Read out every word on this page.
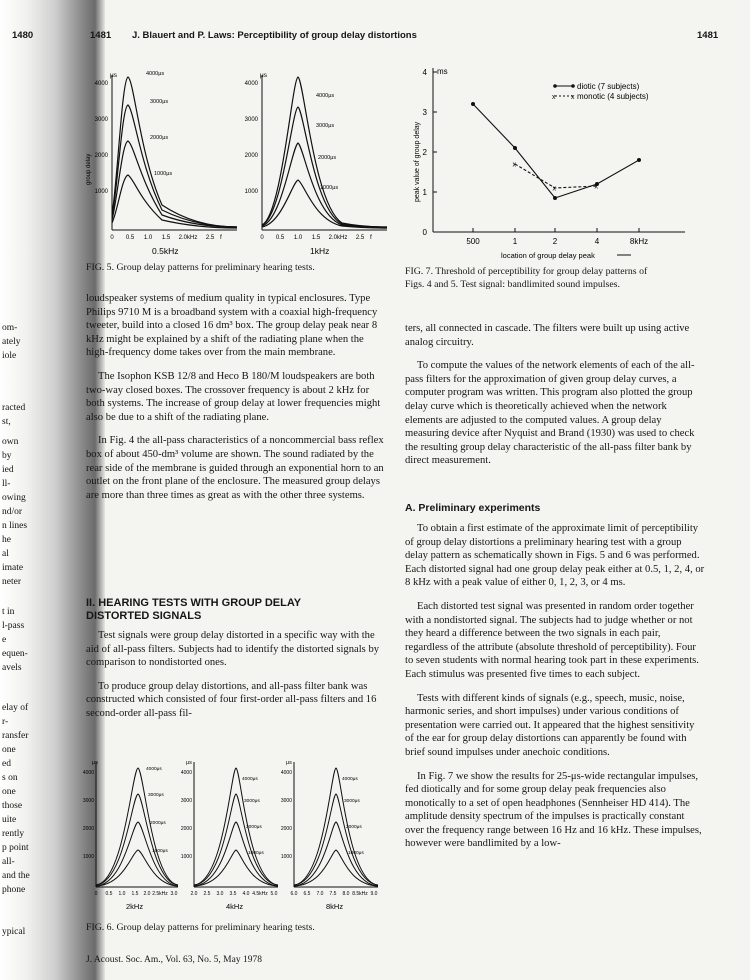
om-
ately
iole
racted
st,
own
by
ied
ll-
owing
nd/or
n lines
he
al
imate
neter
t in
l-pass
e
equen-
avels
elay of
r-
ransfer
one
ed
s on
one
those
uite
rently
p point
all-
and the
phone
ypical
1480	1481 J. Blauert and P. Laws: Perceptibility of group delay distortions	1481
μs
group delay
4000
3000
2000
1000
4000μs
3000μs
2000μs
1000μs
0 0.5 1.0 1.5 2.0kHz 2.5 f
0.5kHz
μs
4000
3000
2000
1000
4000μs
3000μs
2000μs
1000μs
0 0.5 1.0 1.5 2.0kHz 2.5 f
1kHz
FIG. 5. Group delay patterns for preliminary hearing tests.
peak value of group delay
ms
0
1
2
3
4
500	1	2	4	8kHz
x
x	x
diotic (7 subjects)
x x monotic (4 subjects)
location of group delay peak
FIG. 7. Threshold of perceptibility for group delay patterns of
Figs. 4 and 5. Test signal: bandlimited sound impulses.

loudspeaker systems of medium quality in typical enclosures. Type Philips 9710 M is a broadband system with a coaxial high-frequency tweeter, build into a closed 16 dm³ box. The group delay peak near 8 kHz might be explained by a shift of the radiating plane when the high-frequency dome takes over from the main membrane.

The Isophon KSB 12/8 and Heco B 180/M loudspeakers are both two-way closed boxes. The crossover frequency is about 2 kHz for both systems. The increase of group delay at lower frequencies might also be due to a shift of the radiating plane.

In Fig. 4 the all-pass characteristics of a noncommercial bass reflex box of about 450-dm³ volume are shown. The sound radiated by the rear side of the membrane is guided through an exponential horn to an outlet on the front plane of the enclosure. The measured group delays are more than three times as great as with the other three systems.

II. HEARING TESTS WITH GROUP DELAY
DISTORTED SIGNALS

Test signals were group delay distorted in a specific way with the aid of all-pass filters. Subjects had to identify the distorted signals by comparison to nondistorted ones.

To produce group delay distortions, and all-pass filter bank was constructed which consisted of four first-order all-pass filters and 16 second-order all-pass fil-

μs
4000
3000
2000
1000
4000μs
3000μs
2000μs
1000μs
0 0.5 1.0 1.5 2.0 2.5kHz 3.0
2kHz
μs
4000
3000
2000
1000
4000μs
3000μs
2000μs
1000μs
2.0 2.5 3.0 3.5 4.0 4.5kHz 5.0
4kHz
μs
4000
3000
2000
1000
4000μs
3000μs
2000μs
1000μs
6.0 6.5 7.0 7.5 8.0 8.5kHz 9.0
8kHz
FIG. 6. Group delay patterns for preliminary hearing tests.
J. Acoust. Soc. Am., Vol. 63, No. 5, May 1978

ters, all connected in cascade. The filters were built up using active analog circuitry.

To compute the values of the network elements of each of the all-pass filters for the approximation of given group delay curves, a computer program was written. This program also plotted the group delay curve which is theoretically achieved when the network elements are adjusted to the computed values. A group delay measuring device after Nyquist and Brand (1930) was used to check the resulting group delay characteristic of the all-pass filter bank by direct measurement.

A. Preliminary experiments

To obtain a first estimate of the approximate limit of perceptibility of group delay distortions a preliminary hearing test with a group delay pattern as schematically shown in Figs. 5 and 6 was performed. Each distorted signal had one group delay peak either at 0.5, 1, 2, 4, or 8 kHz with a peak value of either 0, 1, 2, 3, or 4 ms.

Each distorted test signal was presented in random order together with a nondistorted signal. The subjects had to judge whether or not they heard a difference between the two signals in each pair, regardless of the attribute (absolute threshold of perceptibility). Four to seven students with normal hearing took part in these experiments. Each stimulus was presented five times to each subject.

Tests with different kinds of signals (e.g., speech, music, noise, harmonic series, and short impulses) under various conditions of presentation were carried out. It appeared that the highest sensitivity of the ear for group delay distortions can apparently be found with brief sound impulses under anechoic conditions.

In Fig. 7 we show the results for 25-μs-wide rectangular impulses, fed diotically and for some group delay peak frequencies also monotically to a set of open headphones (Sennheiser HD 414). The amplitude density spectrum of the impulses is practically constant over the frequency range between 16 Hz and 16 kHz. These impulses, however were bandlimited by a low-
